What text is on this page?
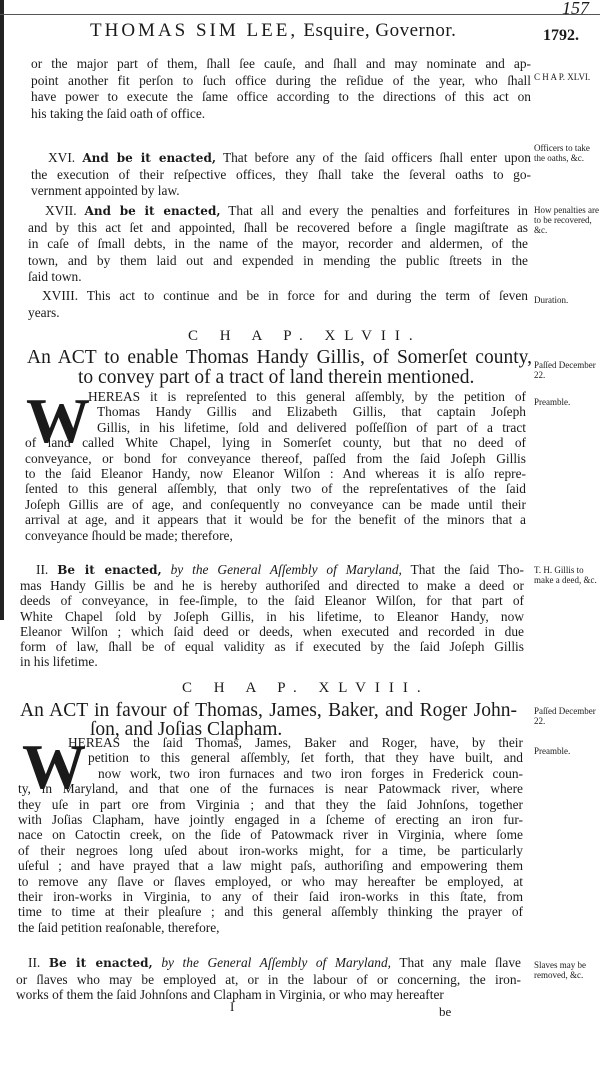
157
THOMAS SIM LEE, Esquire, Governor.	1792.
or the major part of them, ſhall ſee cauſe, and ſhall and may nominate and ap-
point another fit perſon to ſuch office during the reſidue of the year, who ſhall
have power to execute the ſame office according to the directions of this act on
his taking the ſaid oath of office.
C H A P. XLVI.
XVI. And be it enacted, That before any of the ſaid officers ſhall enter upon
the execution of their reſpective offices, they ſhall take the ſeveral oaths to go-
vernment appointed by law.
Officers to take the oaths, &c.
XVII. And be it enacted, That all and every the penalties and forfeitures in
and by this act ſet and appointed, ſhall be recovered before a ſingle magiſtrate as
in caſe of ſmall debts, in the name of the mayor, recorder and aldermen, of the
town, and by them laid out and expended in mending the public ſtreets in the
ſaid town.
How penalties are to be recovered, &c.
XVIII. This act to continue and be in force for and during the term of ſeven
years.
Duration.
C H A P. XLVII.
An ACT to enable Thomas Handy Gillis, of Somerſet county,
to convey part of a tract of land therein mentioned.
Paſſed December 22.
W
HEREAS it is repreſented to this general aſſembly, by the petition of
Thomas Handy Gillis and Elizabeth Gillis, that captain Joſeph
Gillis, in his lifetime, ſold and delivered poſſeſſion of part of a tract
of land called White Chapel, lying in Somerſet county, but that no deed of
conveyance, or bond for conveyance thereof, paſſed from the ſaid Joſeph Gillis
to the ſaid Eleanor Handy, now Eleanor Wilſon : And whereas it is alſo repre-
ſented to this general aſſembly, that only two of the repreſentatives of the ſaid
Joſeph Gillis are of age, and conſequently no conveyance can be made until their
arrival at age, and it appears that it would be for the benefit of the minors that a
conveyance ſhould be made; therefore,
Preamble.
II. Be it enacted, by the General Aſſembly of Maryland, That the ſaid Tho-
mas Handy Gillis be and he is hereby authoriſed and directed to make a deed or
deeds of conveyance, in fee-ſimple, to the ſaid Eleanor Wilſon, for that part of
White Chapel ſold by Joſeph Gillis, in his lifetime, to Eleanor Handy, now
Eleanor Wilſon ; which ſaid deed or deeds, when executed and recorded in due
form of law, ſhall be of equal validity as if executed by the ſaid Joſeph Gillis
in his lifetime.
T. H. Gillis to make a deed, &c.
C H A P. XLVIII.
An ACT in favour of Thomas, James, Baker, and Roger John-
ſon, and Joſias Clapham.
Paſſed December 22.
W
HEREAS the ſaid Thomas, James, Baker and Roger, have, by their
petition to this general aſſembly, ſet forth, that they have built, and
now work, two iron furnaces and two iron forges in Frederick coun-
ty, in Maryland, and that one of the furnaces is near Patowmack river, where
they uſe in part ore from Virginia ; and that they the ſaid Johnſons, together
with Joſias Clapham, have jointly engaged in a ſcheme of erecting an iron fur-
nace on Catoctin creek, on the ſide of Patowmack river in Virginia, where ſome
of their negroes long uſed about iron-works might, for a time, be particularly
uſeful ; and have prayed that a law might paſs, authoriſing and empowering them
to remove any ſlave or ſlaves employed, or who may hereafter be employed, at
their iron-works in Virginia, to any of their ſaid iron-works in this ſtate, from
time to time at their pleaſure ; and this general aſſembly thinking the prayer of
the ſaid petition reaſonable, therefore,
Preamble.
II. Be it enacted, by the General Aſſembly of Maryland, That any male ſlave
or ſlaves who may be employed at, or in the labour of or concerning, the iron-
works of them the ſaid Johnſons and Clapham in Virginia, or who may hereafter
Slaves may be removed, &c.
I	be
